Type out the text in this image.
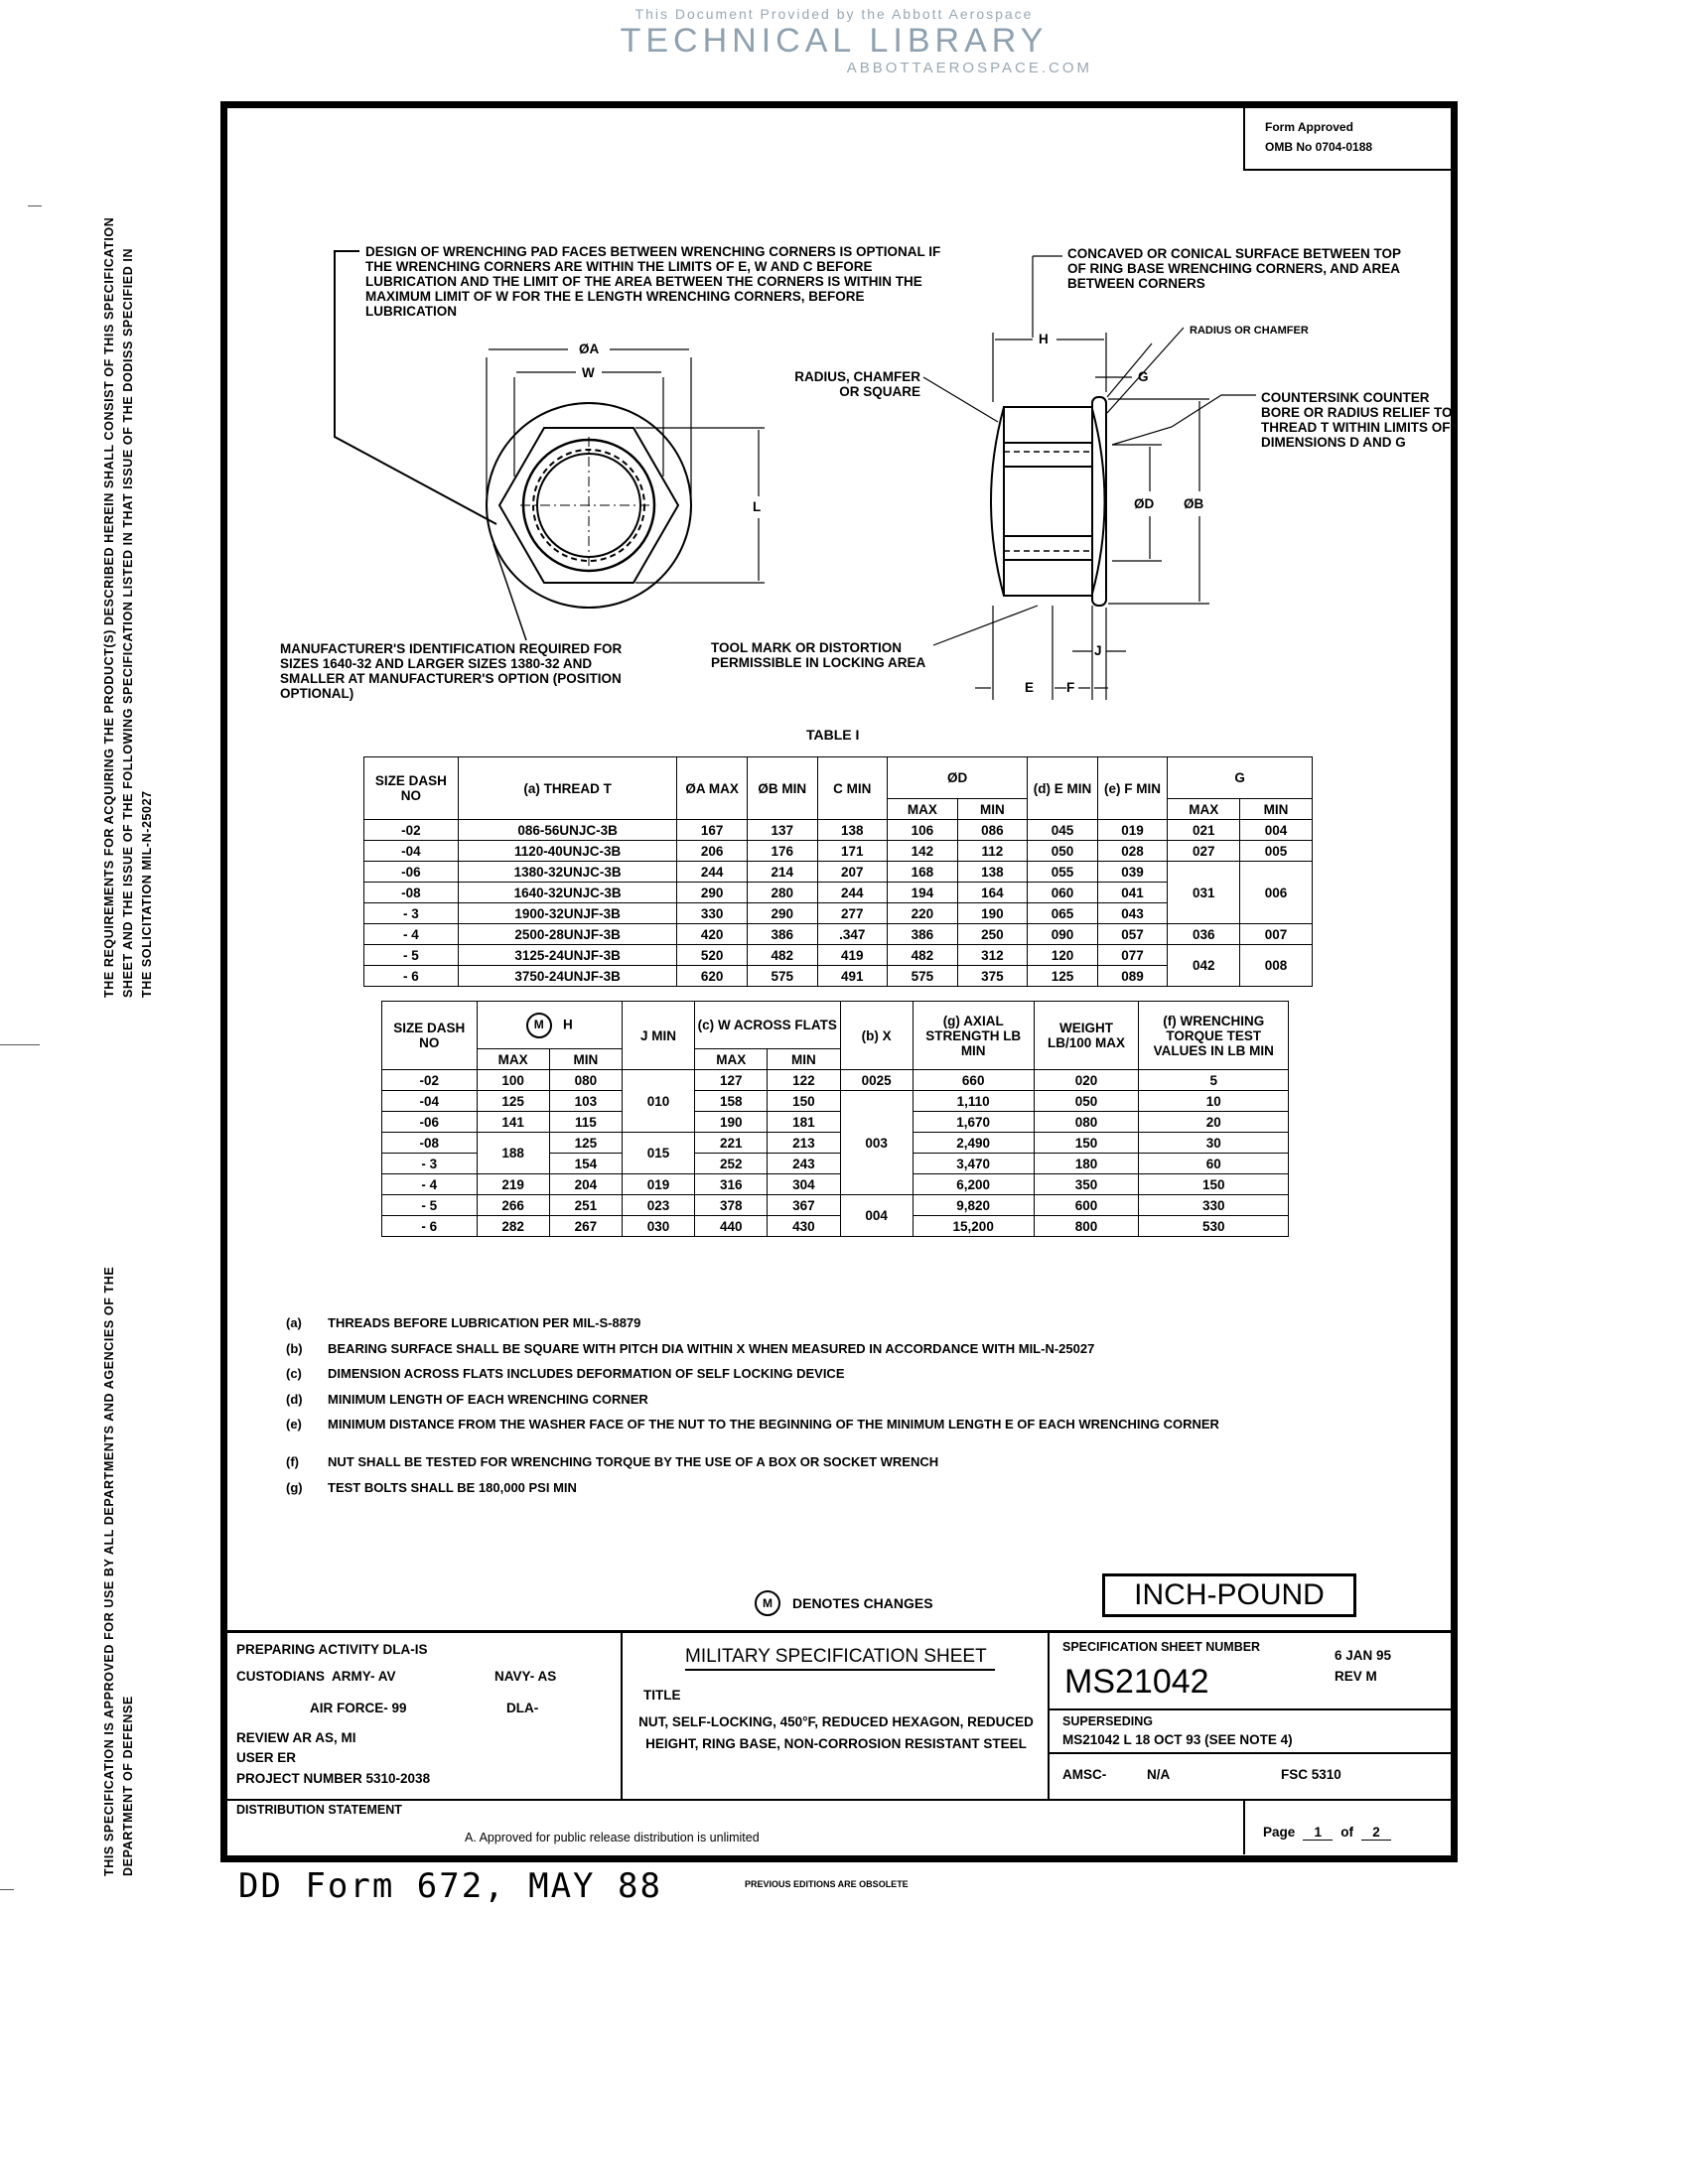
This Document Provided by the Abbott Aerospace
TECHNICAL LIBRARY
ABBOTTAEROSPACE.COM
THE REQUIREMENTS FOR ACQUIRING THE PRODUCT(S) DESCRIBED HEREIN SHALL CONSIST OF THIS SPECIFICATION SHEET AND THE ISSUE OF THE FOLLOWING SPECIFICATION LISTED IN THAT ISSUE OF THE DODISS SPECIFIED IN THE SOLICITATION MIL-N-25027
THIS SPECIFICATION IS APPROVED FOR USE BY ALL DEPARTMENTS AND AGENCIES OF THE DEPARTMENT OF DEFENSE
Form Approved
OMB No 0704-0188
DESIGN OF WRENCHING PAD FACES BETWEEN WRENCHING CORNERS IS OPTIONAL IF THE WRENCHING CORNERS ARE WITHIN THE LIMITS OF E, W AND C BEFORE LUBRICATION AND THE LIMIT OF THE AREA BETWEEN THE CORNERS IS WITHIN THE MAXIMUM LIMIT OF W FOR THE E LENGTH WRENCHING CORNERS, BEFORE LUBRICATION
CONCAVED OR CONICAL SURFACE BETWEEN TOP OF RING BASE WRENCHING CORNERS, AND AREA BETWEEN CORNERS
RADIUS OR CHAMFER
RADIUS, CHAMFER OR SQUARE	COUNTERSINK COUNTER BORE OR RADIUS RELIEF TO THREAD T WITHIN LIMITS OF DIMENSIONS D AND G
MANUFACTURER'S IDENTIFICATION REQUIRED FOR SIZES 1640-32 AND LARGER SIZES 1380-32 AND SMALLER AT MANUFACTURER'S OPTION (POSITION OPTIONAL)
TOOL MARK OR DISTORTION PERMISSIBLE IN LOCKING AREA
ØA
W
L
H
G
ØD ØB
J
E F
TABLE I
SIZE DASH NO	(a) THREAD T	ØA MAX	ØB MIN	C MIN	ØD		(d) E MIN	(e) F MIN	G	
					MAX	MIN			MAX	MIN
-02	086-56UNJC-3B	167	137	138	106	086	045	019	021	004
-04	1120-40UNJC-3B	206	176	171	142	112	050	028	027	005
-06	1380-32UNJC-3B	244	214	207	168	138	055	039	031	006
-08	1640-32UNJC-3B	290	280	244	194	164	060	041		
- 3	1900-32UNJF-3B	330	290	277	220	190	065	043		
- 4	2500-28UNJF-3B	420	386	.347	386	250	090	057	036	007
- 5	3125-24UNJF-3B	520	482	419	482	312	120	077	042	008
- 6	3750-24UNJF-3B	620	575	491	575	375	125	089		
SIZE DASH NO	M H		J MIN	(c) W ACROSS FLATS		(b) X	(g) AXIAL STRENGTH LB MIN	WEIGHT LB/100 MAX	(f) WRENCHING TORQUE TEST VALUES IN LB MIN
	MAX	MIN		MAX	MIN				
-02	100	080	010	127	122	0025	660	020	5
-04	125	103		158	150	003	1,110	050	10
-06	141	115		190	181		1,670	080	20
-08	188	125	015	221	213		2,490	150	30
- 3		154		252	243		3,470	180	60
- 4	219	204	019	316	304		6,200	350	150
- 5	266	251	023	378	367	004	9,820	600	330
- 6	282	267	030	440	430		15,200	800	530
(a)	THREADS BEFORE LUBRICATION PER MIL-S-8879
(b)	BEARING SURFACE SHALL BE SQUARE WITH PITCH DIA WITHIN X WHEN MEASURED IN ACCORDANCE WITH MIL-N-25027
(c)	DIMENSION ACROSS FLATS INCLUDES DEFORMATION OF SELF LOCKING DEVICE
(d)	MINIMUM LENGTH OF EACH WRENCHING CORNER
(e)	MINIMUM DISTANCE FROM THE WASHER FACE OF THE NUT TO THE BEGINNING OF THE MINIMUM LENGTH E OF EACH WRENCHING CORNER
(f)	NUT SHALL BE TESTED FOR WRENCHING TORQUE BY THE USE OF A BOX OR SOCKET WRENCH
(g)	TEST BOLTS SHALL BE 180,000 PSI MIN
M	DENOTES CHANGES	INCH-POUND
PREPARING ACTIVITY DLA-IS
CUSTODIANS ARMY- AV	NAVY- AS
AIR FORCE- 99	DLA-
REVIEW AR AS, MI
USER ER
PROJECT NUMBER 5310-2038
MILITARY SPECIFICATION SHEET
TITLE
NUT, SELF-LOCKING, 450°F, REDUCED HEXAGON, REDUCED HEIGHT, RING BASE, NON-CORROSION RESISTANT STEEL
SPECIFICATION SHEET NUMBER
MS21042
6 JAN 95
REV M
SUPERSEDING
MS21042 L 18 OCT 93 (SEE NOTE 4)
AMSC-	N/A	FSC 5310
DISTRIBUTION STATEMENT
A. Approved for public release distribution is unlimited	Page	1	of	2
DD Form 672, MAY 88	PREVIOUS EDITIONS ARE OBSOLETE
